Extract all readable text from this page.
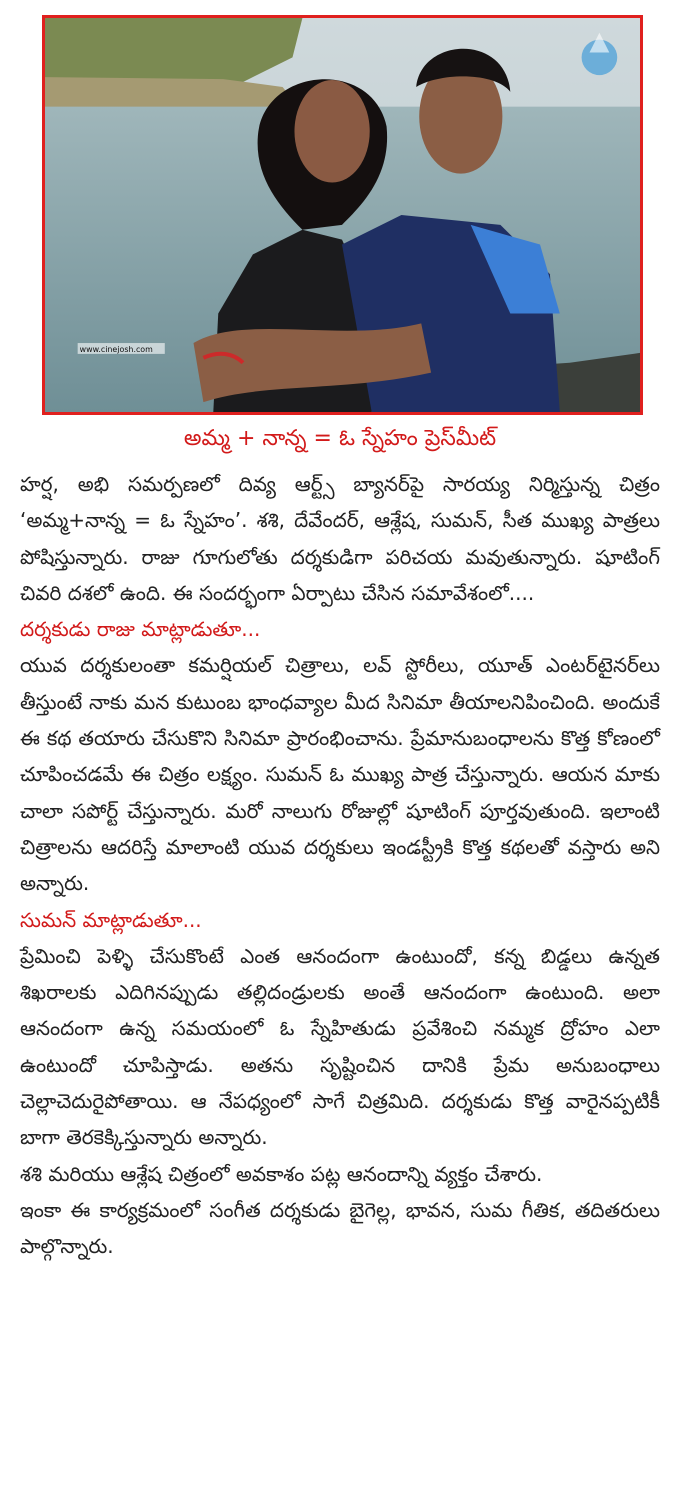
www.cinejosh.com
అమ్మ + నాన్న = ఓ స్నేహం ప్రెస్‌మీట్

హర్ష, అభి సమర్పణలో దివ్య ఆర్ట్స్ బ్యానర్‌పై సారయ్య నిర్మిస్తున్న చిత్రం ‘అమ్మ+నాన్న = ఓ స్నేహం’. శశి, దేవేందర్, ఆశ్లేష, సుమన్, సీత ముఖ్య పాత్రలు పోషిస్తున్నారు. రాజు గూగులోతు దర్శకుడిగా పరిచయ మవుతున్నారు. షూటింగ్ చివరి దశలో ఉంది. ఈ సందర్భంగా ఏర్పాటు చేసిన సమావేశంలో....

దర్శకుడు రాజు మాట్లాడుతూ...

యువ దర్శకులంతా కమర్షియల్ చిత్రాలు, లవ్ స్టోరీలు, యూత్ ఎంటర్‌టైనర్‌లు తీస్తుంటే నాకు మన కుటుంబ భాంధవ్యాల మీద సినిమా తీయాలనిపించింది. అందుకే ఈ కథ తయారు చేసుకొని సినిమా ప్రారంభించాను. ప్రేమానుబంధాలను కొత్త కోణంలో చూపించడమే ఈ చిత్రం లక్ష్యం. సుమన్ ఓ ముఖ్య పాత్ర చేస్తున్నారు. ఆయన మాకు చాలా సపోర్ట్ చేస్తున్నారు. మరో నాలుగు రోజుల్లో షూటింగ్ పూర్తవుతుంది. ఇలాంటి చిత్రాలను ఆదరిస్తే మాలాంటి యువ దర్శకులు ఇండస్ట్రీకి కొత్త కథలతో వస్తారు అని అన్నారు.

సుమన్ మాట్లాడుతూ...

ప్రేమించి పెళ్ళి చేసుకొంటే ఎంత ఆనందంగా ఉంటుందో, కన్న బిడ్డలు ఉన్నత శిఖరాలకు ఎదిగినప్పుడు తల్లిదండ్రులకు అంతే ఆనందంగా ఉంటుంది. అలా ఆనందంగా ఉన్న సమయంలో ఓ స్నేహితుడు ప్రవేశించి నమ్మక ద్రోహం ఎలా ఉంటుందో చూపిస్తాడు. అతను సృష్టించిన దానికి ప్రేమ అనుబంధాలు చెల్లాచెదురైపోతాయి. ఆ నేపధ్యంలో సాగే చిత్రమిది. దర్శకుడు కొత్త వారైనప్పటికీ బాగా తెరకెక్కిస్తున్నారు అన్నారు.

శశి మరియు ఆశ్లేష చిత్రంలో అవకాశం పట్ల ఆనందాన్ని వ్యక్తం చేశారు.

ఇంకా ఈ కార్యక్రమంలో సంగీత దర్శకుడు బైగెల్ల, భావన, సుమ గీతిక, తదితరులు పాల్గొన్నారు.
